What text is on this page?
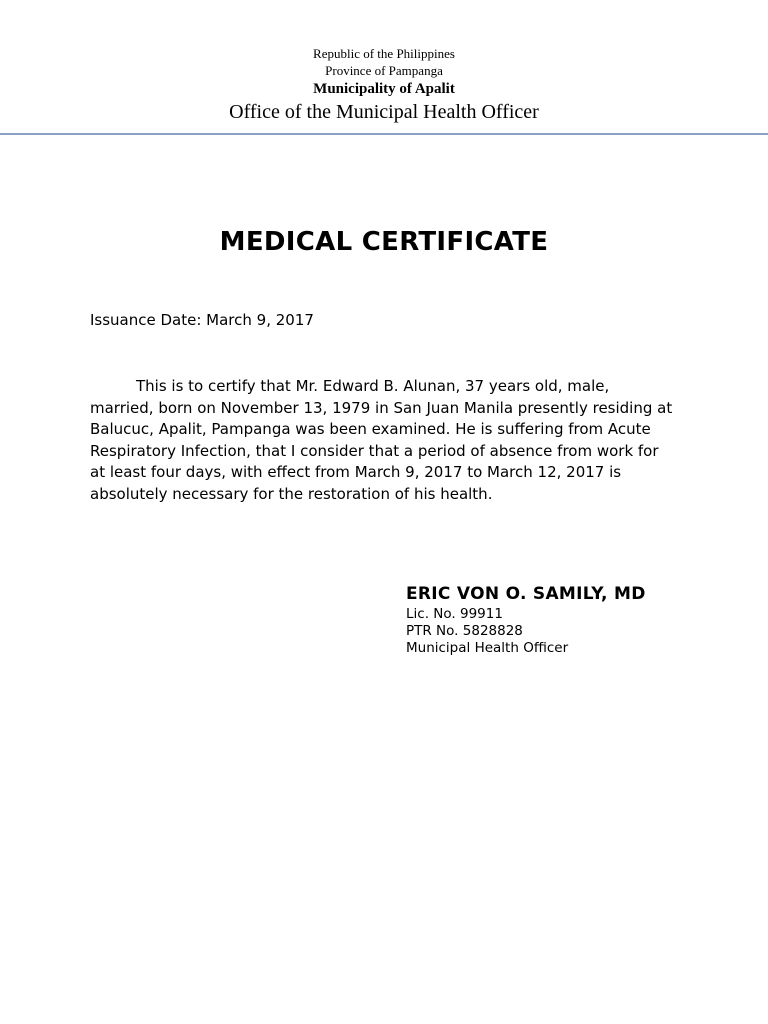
Republic of the Philippines
Province of Pampanga
Municipality of Apalit
Office of the Municipal Health Officer
MEDICAL CERTIFICATE
Issuance Date: March 9, 2017
This is to certify that Mr. Edward B. Alunan, 37 years old, male,
married, born on November 13, 1979 in San Juan Manila presently residing at
Balucuc, Apalit, Pampanga was been examined. He is suffering from Acute
Respiratory Infection, that I consider that a period of absence from work for
at least four days, with effect from March 9, 2017 to March 12, 2017 is
absolutely necessary for the restoration of his health.
ERIC VON O. SAMILY, MD
Lic. No. 99911
PTR No. 5828828
Municipal Health Officer
